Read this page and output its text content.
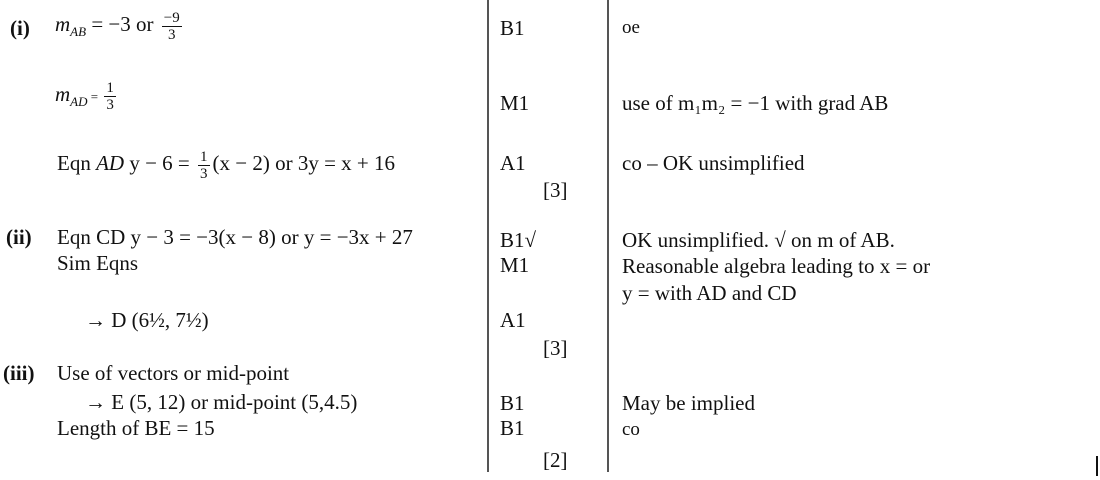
(i) $m_{AB} = -3$ or $\frac{-9}{3}$
$m_{AD} = \frac{1}{3}$
Eqn AD $y - 6 = \frac{1}{3} (x - 2)$ or 3y = x + 16
B1
M1
A1
[3]
oe
use of m₁m₂ = −1 with grad AB
co – OK unsimplified
(ii) Eqn CD y − 3 = −3(x − 8) or y = −3x + 27
Sim Eqns
→ D (6½, 7½)
B1√
M1
A1
[3]
OK unsimplified. √ on m of AB.
Reasonable algebra leading to x = or
y = with AD and CD
(iii) Use of vectors or mid-point
→ E (5, 12) or mid-point (5,4.5)
Length of BE = 15
B1
B1
[2]
May be implied
co
